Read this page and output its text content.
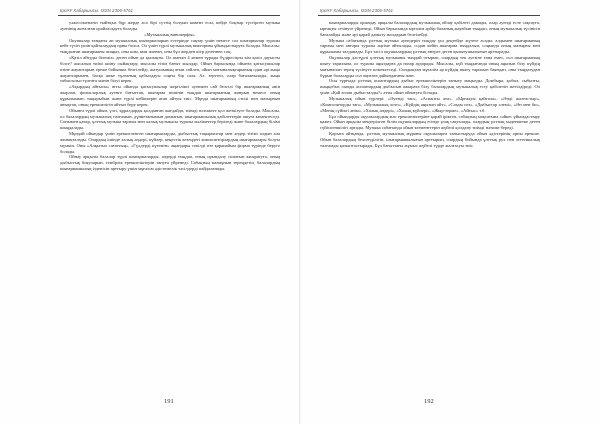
ҚазҰУ Хабаршысы. ISSN 2306-5761

уәжесоменәтін тыйтқыз бұр жерде аса бірі суттің болуын кивент ескі, кейде боқтыр түстірген музыка әуенінің жоғалған орайласқауға болады.

«Музыкалық виноперфы».

Окушылар ғандағы ан музыкалық шығармаларын естерінде сақтау үшін немесе сол шығармалар туралы кейт түсін үшін қайталаудың орны болса. Ол үшін түрлі музыкалық викторина ұйымдастыруға болады. Мысалы: тыңдалған шығарманы атаңыз, оны ким, ким жазған, оны бұл жерден кітр дегеннен соң.

«Қазіл айтуды білеміз» деген ойын да қызықты. Ол шағын 4 әнмен тұрады бүдіресіқты кім қазіл дауысты білсе? жасалып тиімі киіну сыйақтару, мысалы тізім бағыт жылдар. Ойын барысында ойынға қатысушылар өзіне жауаптарын ереже бойынша белгілейді, жазушының атын сөйлеп, ойын мағыналықтарының одан әрі жаңа жауаптарымен, басқа жеке тұлғаның қабылдауы соңғы бір сала. Аз. зерттеп, олар бағаланылады, жаңа табысылыз тұлғаға мәнін білуі керек.

«Ақырдың айтысы» атты ойында қатысушылар жергілікті әуенмен сай белгілі бір шығарманың әнін жырлап, фольклорлық әуенге бағыттап, шығарма пішінін тыңдап шығарманың жанрын немесе оның құрылымын, тақырыбын және түрлі кейіпкерін атап айтуы тиіс. Мұнда шығарманың стилі мен мазмұнын анықтап, оның ерекшелігін айтып беру керек.

Ойынға түрлі ойын, үлгі, құралдарды қолданған жағдайда, тиімді нәтижеге қол жеткізуге болады. Мысалы, ол балалардың музыкалық талғамын, дүниетанымын дамытып, шығармашылық қабілеттерін ашуға көмектеседі. Сонымен қатар, ұлттық музыка тарихы мен халық музыкасы туралы мәліметтер беріледі және балалардың білімі шыңдалады.

Мұндай ойындар үшін ерекшеленген шығармаларды, дыбыстық тақырыптар мен әндер тізімі алдын ала жинақталады. Олардың ішінде халық әндері, күйлер, кеңестік кезеңдегі композиторлардың шығармалары болуы мүмкін. Оны «Алқызыл сағаттың», «Гүлдерді күтемін» ақындары секілді өте қарапайым форма түрінде беруге болады.

Ойнау арқылы балалар түрлі шығармаларды, әндерді тыңдап, оның орындалу сипатын ажыратуға, оның дыбыстық бояуларын, тембрлік ерекшеліктерін тануға үйренеді. Сабақтың мазмұнын тереңдетіп, балалардың шығармашылық ізденісін арттыру үшін мұғалім әдістемелік тәсілдерді пайдаланады.

191
ҚазҰУ Хабаршысы. ISSN 2306-5761

шығармаларды орындау арқылы балалардың музыкалық ойлау қабілеті дамиды, олар әуенді есте сақтауға, ырғақты сезінуге үйренеді. Ойын барысында мұғалім әрбір баланың жауабын тыңдап, оның музыкалық түсінігін бағалайды және әрі қарай дамыту жолдарын белгілейді.

Музыка сабағында ұлттық музыка әуендерін тыңдау үш деңгейде жүзеге асады: алдымен шығарманың тарихы мен авторы туралы әңгіме айтылады, содан кейін шығарма тыңдалып, соңында оның мазмұны мен құрылымы талданады. Бұл тәсіл оқушылардың ұлттық өнерге деген қызығушылығын арттырады.

Оқушылар дәстүрлі ұлттық музыканы тыңдай отырып, олардың тек әуезіне ғана емес, сол шығарманың шығу тарихына, ол туралы аңыздарға да назар аударады. Мысалы, күй тыңдағанда оның аңызын білу күйдің мағынасын терең түсінуге көмектеседі. Сондықтан мұғалім әр күйдің шығу тарихын баяндап, оны тыңдатудан бұрын балаларды сол оқиғаға дайындағаны жөн.

Осы тұрғыда ұлттық аспаптардың дыбыс ерекшеліктерін таныту маңызды. Домбыра, қобыз, сыбызғы, шаңқобыз сынды аспаптардың дыбысын ажырата білу балалардың музыкалық есту қабілетін жетілдіреді. Ол үшін «Қай аспап дыбысталды?» атты ойын ойнатуға болады.

Музыкалық ойын түрлері: «Әуенді тап», «Аспапты ата», «Ырғақты қайтала», «Әнді жалғастыр», «Композиторды тап», «Музыкалық лото», «Күйдің аңызын айт», «Сазды сөз», «Дыбыстар әлемі», «Ән мен би», «Менің сүйікті әнім», «Халық әндері», «Халық күйлері», «Жыр-терме», «Айтыс» т.б.

Бұл ойындарды оқушылардың жас ерекшеліктеріне қарай іріктеп, сабақтың мақсатына сәйкес ұйымдастыру қажет. Ойын арқылы меңгерілген білім оқушылардың есінде ұзақ сақталады, олардың ұлттық мәдениетке деген сүйіспеншілігі артады. Музыка сабағында ойын элементтерін жүйелі қолдану тиімді нәтиже береді.

Қорыта айтқанда, ұлттық музыкалық мұраны оқушыларға таныстыруда ойын әдістерінің орны ерекше. Ойын балалардың белсенділігін, шығармашылығын арттырып, олардың бойында ұлттық рух пен эстетикалық талғамды қалыптастырады. Бұл бағыттағы жұмыс жүйелі түрде жалғасуы тиіс.

192
